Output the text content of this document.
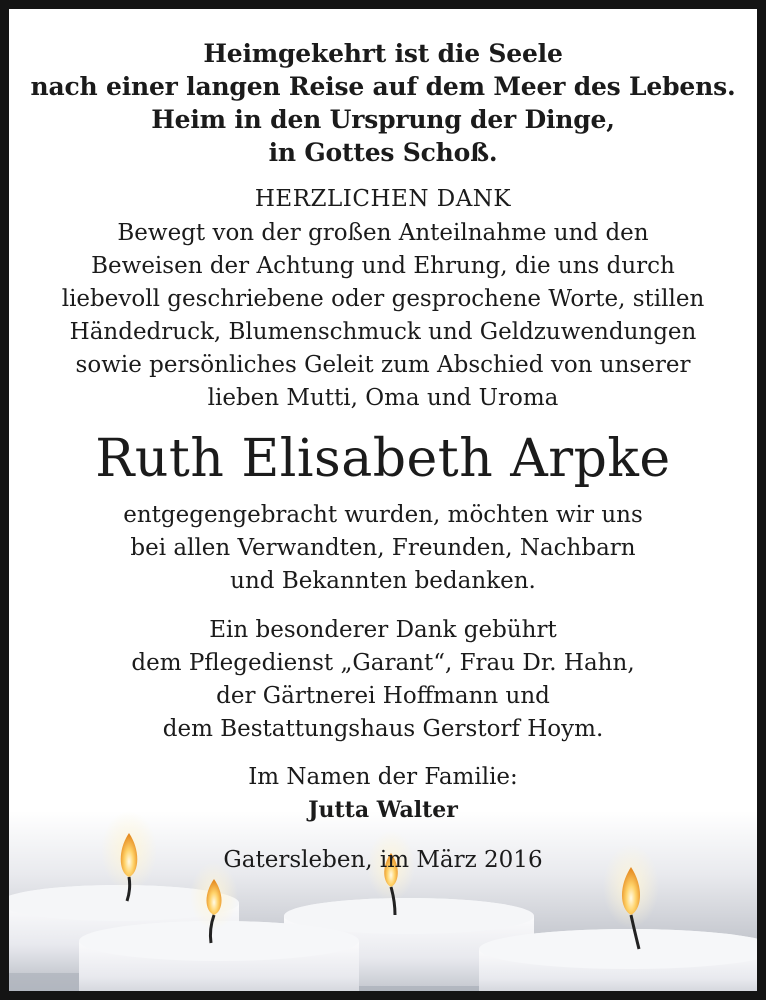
Heimgekehrt ist die Seele
nach einer langen Reise auf dem Meer des Lebens.
Heim in den Ursprung der Dinge,
in Gottes Schoß.
HERZLICHEN DANK
Bewegt von der großen Anteilnahme und den
Beweisen der Achtung und Ehrung, die uns durch
liebevoll geschriebene oder gesprochene Worte, stillen
Händedruck, Blumenschmuck und Geldzuwendungen
sowie persönliches Geleit zum Abschied von unserer
lieben Mutti, Oma und Uroma
Ruth Elisabeth Arpke
entgegengebracht wurden, möchten wir uns
bei allen Verwandten, Freunden, Nachbarn
und Bekannten bedanken.
Ein besonderer Dank gebührt
dem Pflegedienst „Garant“, Frau Dr. Hahn,
der Gärtnerei Hoffmann und
dem Bestattungshaus Gerstorf Hoym.
Im Namen der Familie:
Jutta Walter
Gatersleben, im März 2016
